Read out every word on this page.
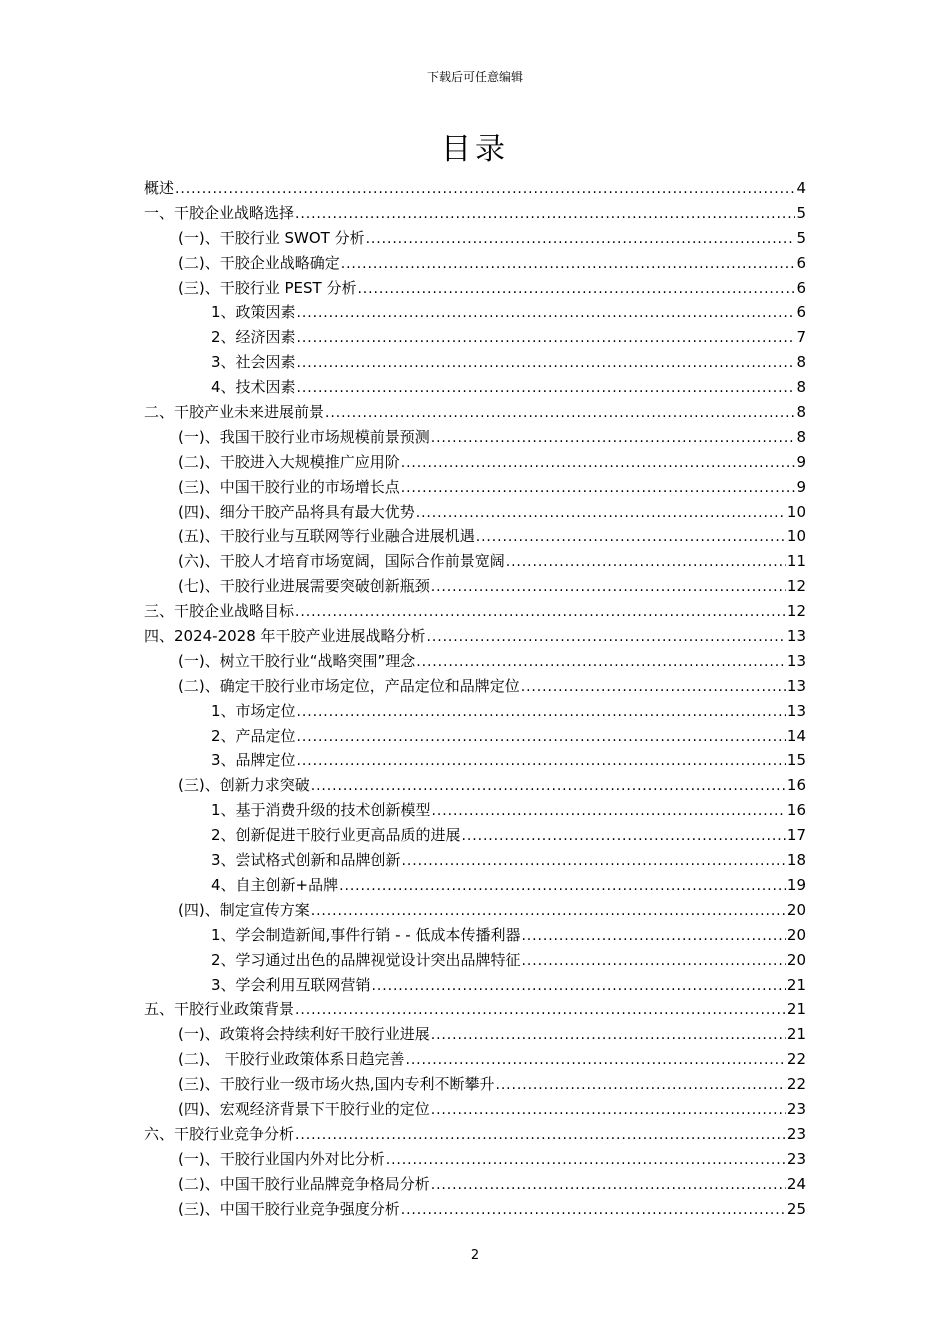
下载后可任意编辑
目录
概述 .....	4
一、干胶企业战略选择 .....	5
(一)、干胶行业 SWOT 分析 .....	5
(二)、干胶企业战略确定 .....	6
(三)、干胶行业 PEST 分析 .....	6
1、政策因素 .....	6
2、经济因素 .....	7
3、社会因素 .....	8
4、技术因素 .....	8
二、干胶产业未来进展前景 .....	8
(一)、我国干胶行业市场规模前景预测 .....	8
(二)、干胶进入大规模推广应用阶 .....	9
(三)、中国干胶行业的市场增长点 .....	9
(四)、细分干胶产品将具有最大优势 .....	10
(五)、干胶行业与互联网等行业融合进展机遇 .....	10
(六)、干胶人才培育市场宽阔，国际合作前景宽阔 .....	11
(七)、干胶行业进展需要突破创新瓶颈 .....	12
三、干胶企业战略目标 .....	12
四、2024-2028 年干胶产业进展战略分析 .....	13
(一)、树立干胶行业“战略突围”理念 .....	13
(二)、确定干胶行业市场定位，产品定位和品牌定位 .....	13
1、市场定位 .....	13
2、产品定位 .....	14
3、品牌定位 .....	15
(三)、创新力求突破 .....	16
1、基于消费升级的技术创新模型 .....	16
2、创新促进干胶行业更高品质的进展 .....	17
3、尝试格式创新和品牌创新 .....	18
4、自主创新+品牌 .....	19
(四)、制定宣传方案 .....	20
1、学会制造新闻,事件行销 - - 低成本传播利器 .....	20
2、学习通过出色的品牌视觉设计突出品牌特征 .....	20
3、学会利用互联网营销 .....	21
五、干胶行业政策背景 .....	21
(一)、政策将会持续利好干胶行业进展 .....	21
(二)、 干胶行业政策体系日趋完善 .....	22
(三)、干胶行业一级市场火热,国内专利不断攀升 .....	22
(四)、宏观经济背景下干胶行业的定位 .....	23
六、干胶行业竞争分析 .....	23
(一)、干胶行业国内外对比分析 .....	23
(二)、中国干胶行业品牌竞争格局分析 .....	24
(三)、中国干胶行业竞争强度分析 .....	25
2
